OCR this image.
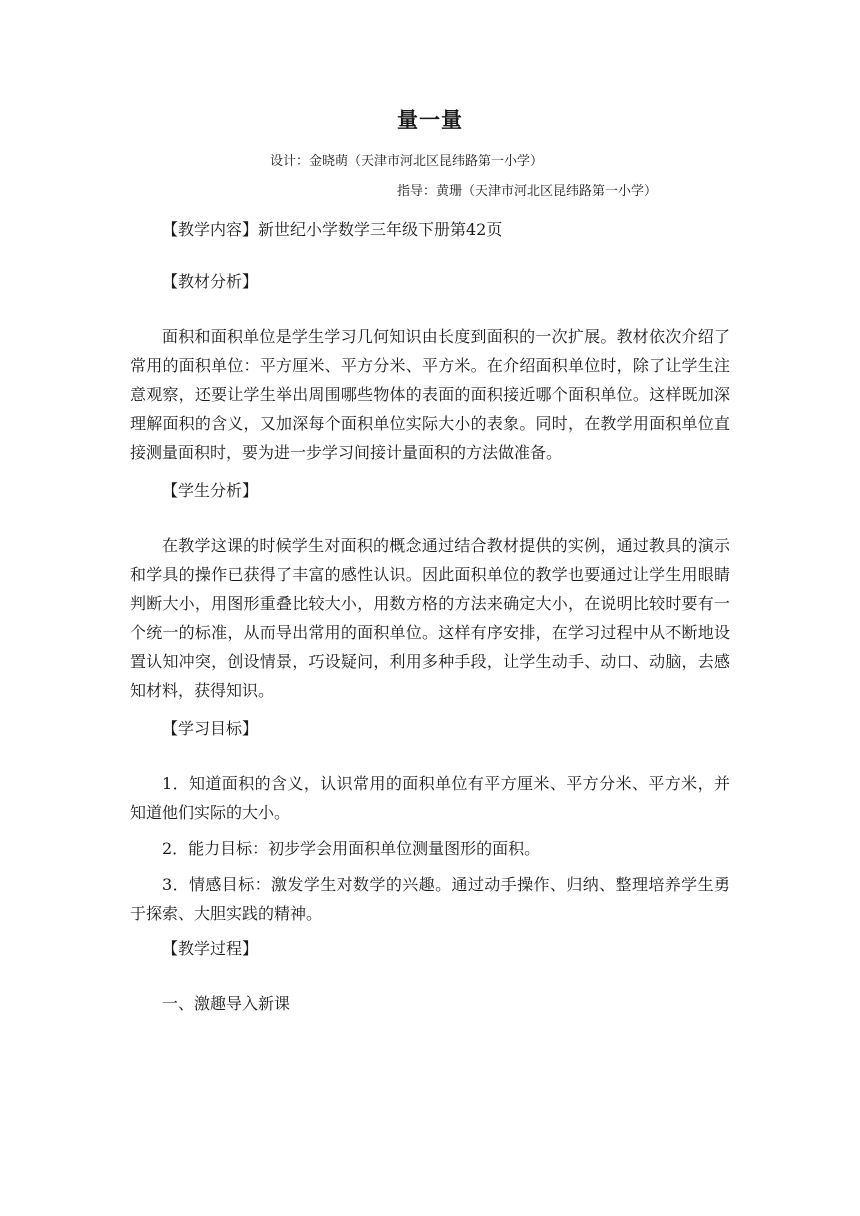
量一量
设计：金晓萌（天津市河北区昆纬路第一小学）
指导：黄珊（天津市河北区昆纬路第一小学）
【教学内容】新世纪小学数学三年级下册第42页
【教材分析】
面积和面积单位是学生学习几何知识由长度到面积的一次扩展。教材依次介绍了常用的面积单位：平方厘米、平方分米、平方米。在介绍面积单位时，除了让学生注意观察，还要让学生举出周围哪些物体的表面的面积接近哪个面积单位。这样既加深理解面积的含义，又加深每个面积单位实际大小的表象。同时，在教学用面积单位直接测量面积时，要为进一步学习间接计量面积的方法做准备。
【学生分析】
在教学这课的时候学生对面积的概念通过结合教材提供的实例，通过教具的演示和学具的操作已获得了丰富的感性认识。因此面积单位的教学也要通过让学生用眼睛判断大小，用图形重叠比较大小，用数方格的方法来确定大小，在说明比较时要有一个统一的标准，从而导出常用的面积单位。这样有序安排，在学习过程中从不断地设置认知冲突，创设情景，巧设疑问，利用多种手段，让学生动手、动口、动脑，去感知材料，获得知识。
【学习目标】
1．知道面积的含义，认识常用的面积单位有平方厘米、平方分米、平方米，并知道他们实际的大小。
2．能力目标：初步学会用面积单位测量图形的面积。
3．情感目标：激发学生对数学的兴趣。通过动手操作、归纳、整理培养学生勇于探索、大胆实践的精神。
【教学过程】
一、激趣导入新课
